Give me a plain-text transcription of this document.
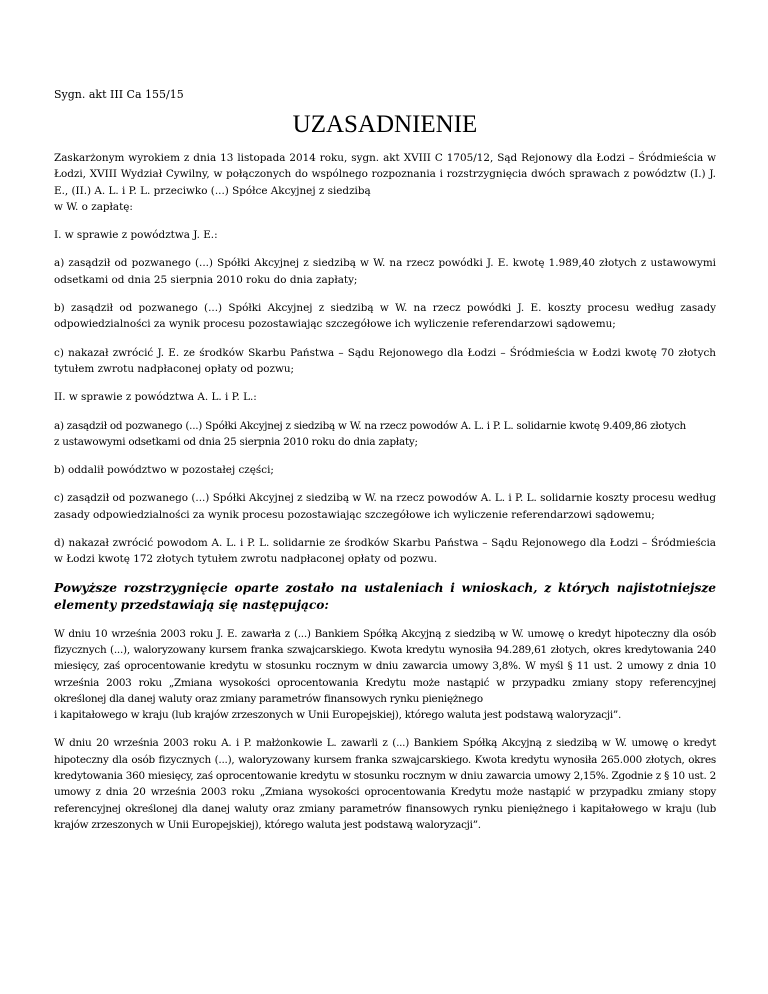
Sygn. akt III Ca 155/15
UZASADNIENIE

Zaskarżonym wyrokiem z dnia 13 listopada 2014 roku, sygn. akt XVIII C 1705/12, Sąd Rejonowy dla Łodzi – Śródmieścia w Łodzi, XVIII Wydział Cywilny, w połączonych do wspólnego rozpoznania i rozstrzygnięcia dwóch sprawach z powództw (I.) J. E., (II.) A. L. i P. L. przeciwko (...) Spółce Akcyjnej z siedzibą
w W. o zapłatę:

I. w sprawie z powództwa J. E.:

a) zasądził od pozwanego (...) Spółki Akcyjnej z siedzibą w W. na rzecz powódki J. E. kwotę 1.989,40 złotych z ustawowymi odsetkami od dnia 25 sierpnia 2010 roku do dnia zapłaty;

b) zasądził od pozwanego (...) Spółki Akcyjnej z siedzibą w W. na rzecz powódki J. E. koszty procesu według zasady odpowiedzialności za wynik procesu pozostawiając szczegółowe ich wyliczenie referendarzowi sądowemu;

c) nakazał zwrócić J. E. ze środków Skarbu Państwa – Sądu Rejonowego dla Łodzi – Śródmieścia w Łodzi kwotę 70 złotych tytułem zwrotu nadpłaconej opłaty od pozwu;

II. w sprawie z powództwa A. L. i P. L.:

a) zasądził od pozwanego (...) Spółki Akcyjnej z siedzibą w W. na rzecz powodów A. L. i P. L. solidarnie kwotę 9.409,86 złotych
z ustawowymi odsetkami od dnia 25 sierpnia 2010 roku do dnia zapłaty;

b) oddalił powództwo w pozostałej części;

c) zasądził od pozwanego (...) Spółki Akcyjnej z siedzibą w W. na rzecz powodów A. L. i P. L. solidarnie koszty procesu według zasady odpowiedzialności za wynik procesu pozostawiając szczegółowe ich wyliczenie referendarzowi sądowemu;

d) nakazał zwrócić powodom A. L. i P. L. solidarnie ze środków Skarbu Państwa – Sądu Rejonowego dla Łodzi – Śródmieścia w Łodzi kwotę 172 złotych tytułem zwrotu nadpłaconej opłaty od pozwu.

Powyższe rozstrzygnięcie oparte zostało na ustaleniach i wnioskach, z których najistotniejsze elementy przedstawiają się następująco:

W dniu 10 września 2003 roku J. E. zawarła z (...) Bankiem Spółką Akcyjną z siedzibą w W. umowę o kredyt hipoteczny dla osób fizycznych (...), waloryzowany kursem franka szwajcarskiego. Kwota kredytu wynosiła 94.289,61 złotych, okres kredytowania 240 miesięcy, zaś oprocentowanie kredytu w stosunku rocznym w dniu zawarcia umowy 3,8%. W myśl § 11 ust. 2 umowy z dnia 10 września 2003 roku „Zmiana wysokości oprocentowania Kredytu może nastąpić w przypadku zmiany stopy referencyjnej określonej dla danej waluty oraz zmiany parametrów finansowych rynku pieniężnego
i kapitałowego w kraju (lub krajów zrzeszonych w Unii Europejskiej), którego waluta jest podstawą waloryzacji”.

W dniu 20 września 2003 roku A. i P. małżonkowie L. zawarli z (...) Bankiem Spółką Akcyjną z siedzibą w W. umowę o kredyt hipoteczny dla osób fizycznych (...), waloryzowany kursem franka szwajcarskiego. Kwota kredytu wynosiła 265.000 złotych, okres kredytowania 360 miesięcy, zaś oprocentowanie kredytu w stosunku rocznym w dniu zawarcia umowy 2,15%. Zgodnie z § 10 ust. 2 umowy z dnia 20 września 2003 roku „Zmiana wysokości oprocentowania Kredytu może nastąpić w przypadku zmiany stopy referencyjnej określonej dla danej waluty oraz zmiany parametrów finansowych rynku pieniężnego i kapitałowego w kraju (lub krajów zrzeszonych w Unii Europejskiej), którego waluta jest podstawą waloryzacji”.
